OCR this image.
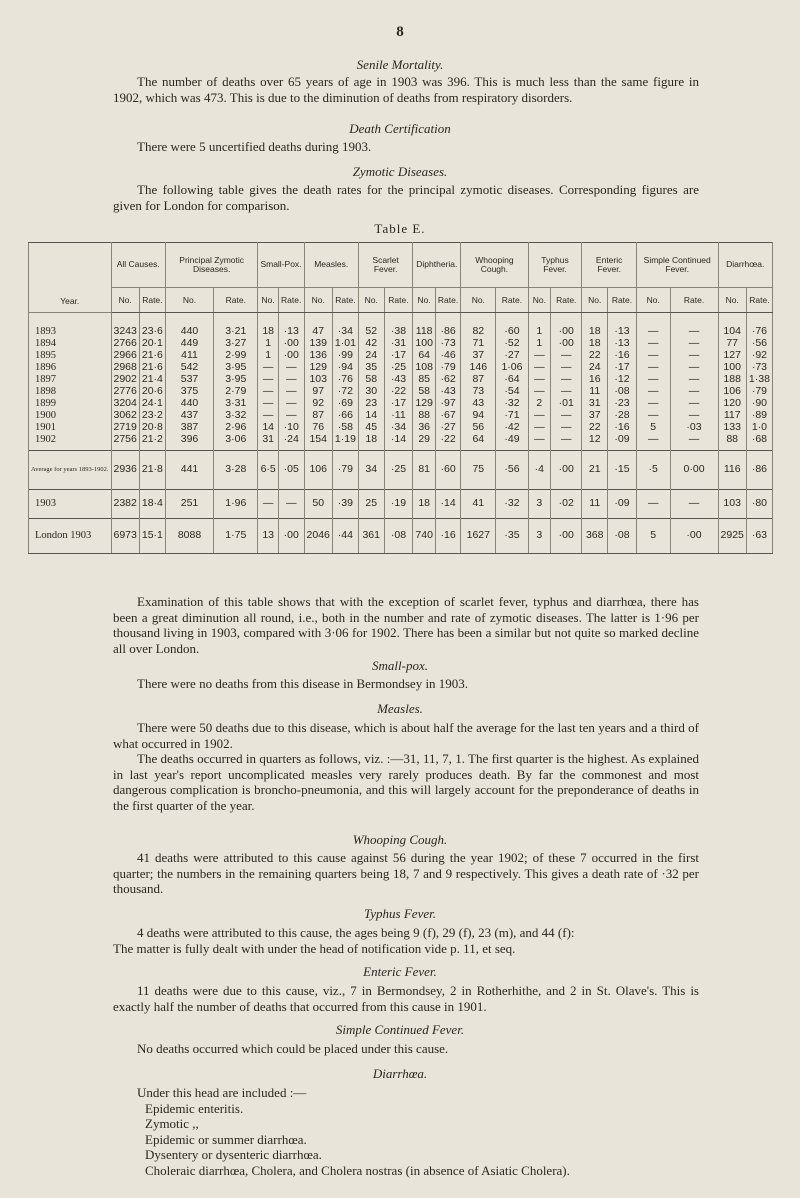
8
Senile Mortality.

The number of deaths over 65 years of age in 1903 was 396. This is much less than the same figure in 1902, which was 473. This is due to the diminution of deaths from respiratory disorders.

Death Certification

There were 5 uncertified deaths during 1903.

Zymotic Diseases.

The following table gives the death rates for the principal zymotic diseases. Corresponding figures are given for London for comparison.

Table E.
Year.	All Causes.		Principal Zymotic Diseases.		Small-Pox.		Measles.		Scarlet Fever.		Diphtheria.		Whooping Cough.		Typhus Fever.		Enteric Fever.		Simple Continued Fever.		Diarrhœa.	
	No.	Rate.	No.	Rate.	No.	Rate.	No.	Rate.	No.	Rate.	No.	Rate.	No.	Rate.	No.	Rate.	No.	Rate.	No.	Rate.	No.	Rate.
1893	3243	23·6	440	3·21	18	·13	47	·34	52	·38	118	·86	82	·60	1	·00	18	·13	—	—	104	·76
1894	2766	20·1	449	3·27	1	·00	139	1·01	42	·31	100	·73	71	·52	1	·00	18	·13	—	—	77	·56
1895	2966	21·6	411	2·99	1	·00	136	·99	24	·17	64	·46	37	·27	—	—	22	·16	—	—	127	·92
1896	2968	21·6	542	3·95	—	—	129	·94	35	·25	108	·79	146	1·06	—	—	24	·17	—	—	100	·73
1897	2902	21·4	537	3·95	—	—	103	·76	58	·43	85	·62	87	·64	—	—	16	·12	—	—	188	1·38
1898	2776	20·6	375	2·79	—	—	97	·72	30	·22	58	·43	73	·54	—	—	11	·08	—	—	106	·79
1899	3204	24·1	440	3·31	—	—	92	·69	23	·17	129	·97	43	·32	2	·01	31	·23	—	—	120	·90
1900	3062	23·2	437	3·32	—	—	87	·66	14	·11	88	·67	94	·71	—	—	37	·28	—	—	117	·89
1901	2719	20·8	387	2·96	14	·10	76	·58	45	·34	36	·27	56	·42	—	—	22	·16	5	·03	133	1·0
1902	2756	21·2	396	3·06	31	·24	154	1·19	18	·14	29	·22	64	·49	—	—	12	·09	—	—	88	·68

Average for years 1893-1902.	2936	21·8	441	3·28	6·5	·05	106	·79	34	·25	81	·60	75	·56	·4	·00	21	·15	·5	0·00	116	·86
1903	2382	18·4	251	1·96	—	—	50	·39	25	·19	18	·14	41	·32	3	·02	11	·09	—	—	103	·80
London 1903	6973	15·1	8088	1·75	13	·00	2046	·44	361	·08	740	·16	1627	·35	3	·00	368	·08	5	·00	2925	·63

Examination of this table shows that with the exception of scarlet fever, typhus and diarrhœa, there has been a great diminution all round, i.e., both in the number and rate of zymotic diseases. The latter is 1·96 per thousand living in 1903, compared with 3·06 for 1902. There has been a similar but not quite so marked decline all over London.

Small-pox.

There were no deaths from this disease in Bermondsey in 1903.

Measles.

There were 50 deaths due to this disease, which is about half the average for the last ten years and a third of what occurred in 1902.

The deaths occurred in quarters as follows, viz. :—31, 11, 7, 1. The first quarter is the highest. As explained in last year's report uncomplicated measles very rarely produces death. By far the commonest and most dangerous complication is broncho-pneumonia, and this will largely account for the preponderance of deaths in the first quarter of the year.

Whooping Cough.

41 deaths were attributed to this cause against 56 during the year 1902; of these 7 occurred in the first quarter; the numbers in the remaining quarters being 18, 7 and 9 respectively. This gives a death rate of ·32 per thousand.

Typhus Fever.

4 deaths were attributed to this cause, the ages being 9 (f), 29 (f), 23 (m), and 44 (f):

The matter is fully dealt with under the head of notification vide p. 11, et seq.

Enteric Fever.

11 deaths were due to this cause, viz., 7 in Bermondsey, 2 in Rotherhithe, and 2 in St. Olave's. This is exactly half the number of deaths that occurred from this cause in 1901.

Simple Continued Fever.

No deaths occurred which could be placed under this cause.

Diarrhœa.

Under this head are included :—

Epidemic enteritis.
Zymotic ,,
Epidemic or summer diarrhœa.
Dysentery or dysenteric diarrhœa.
Choleraic diarrhœa, Cholera, and Cholera nostras (in absence of Asiatic Cholera).
